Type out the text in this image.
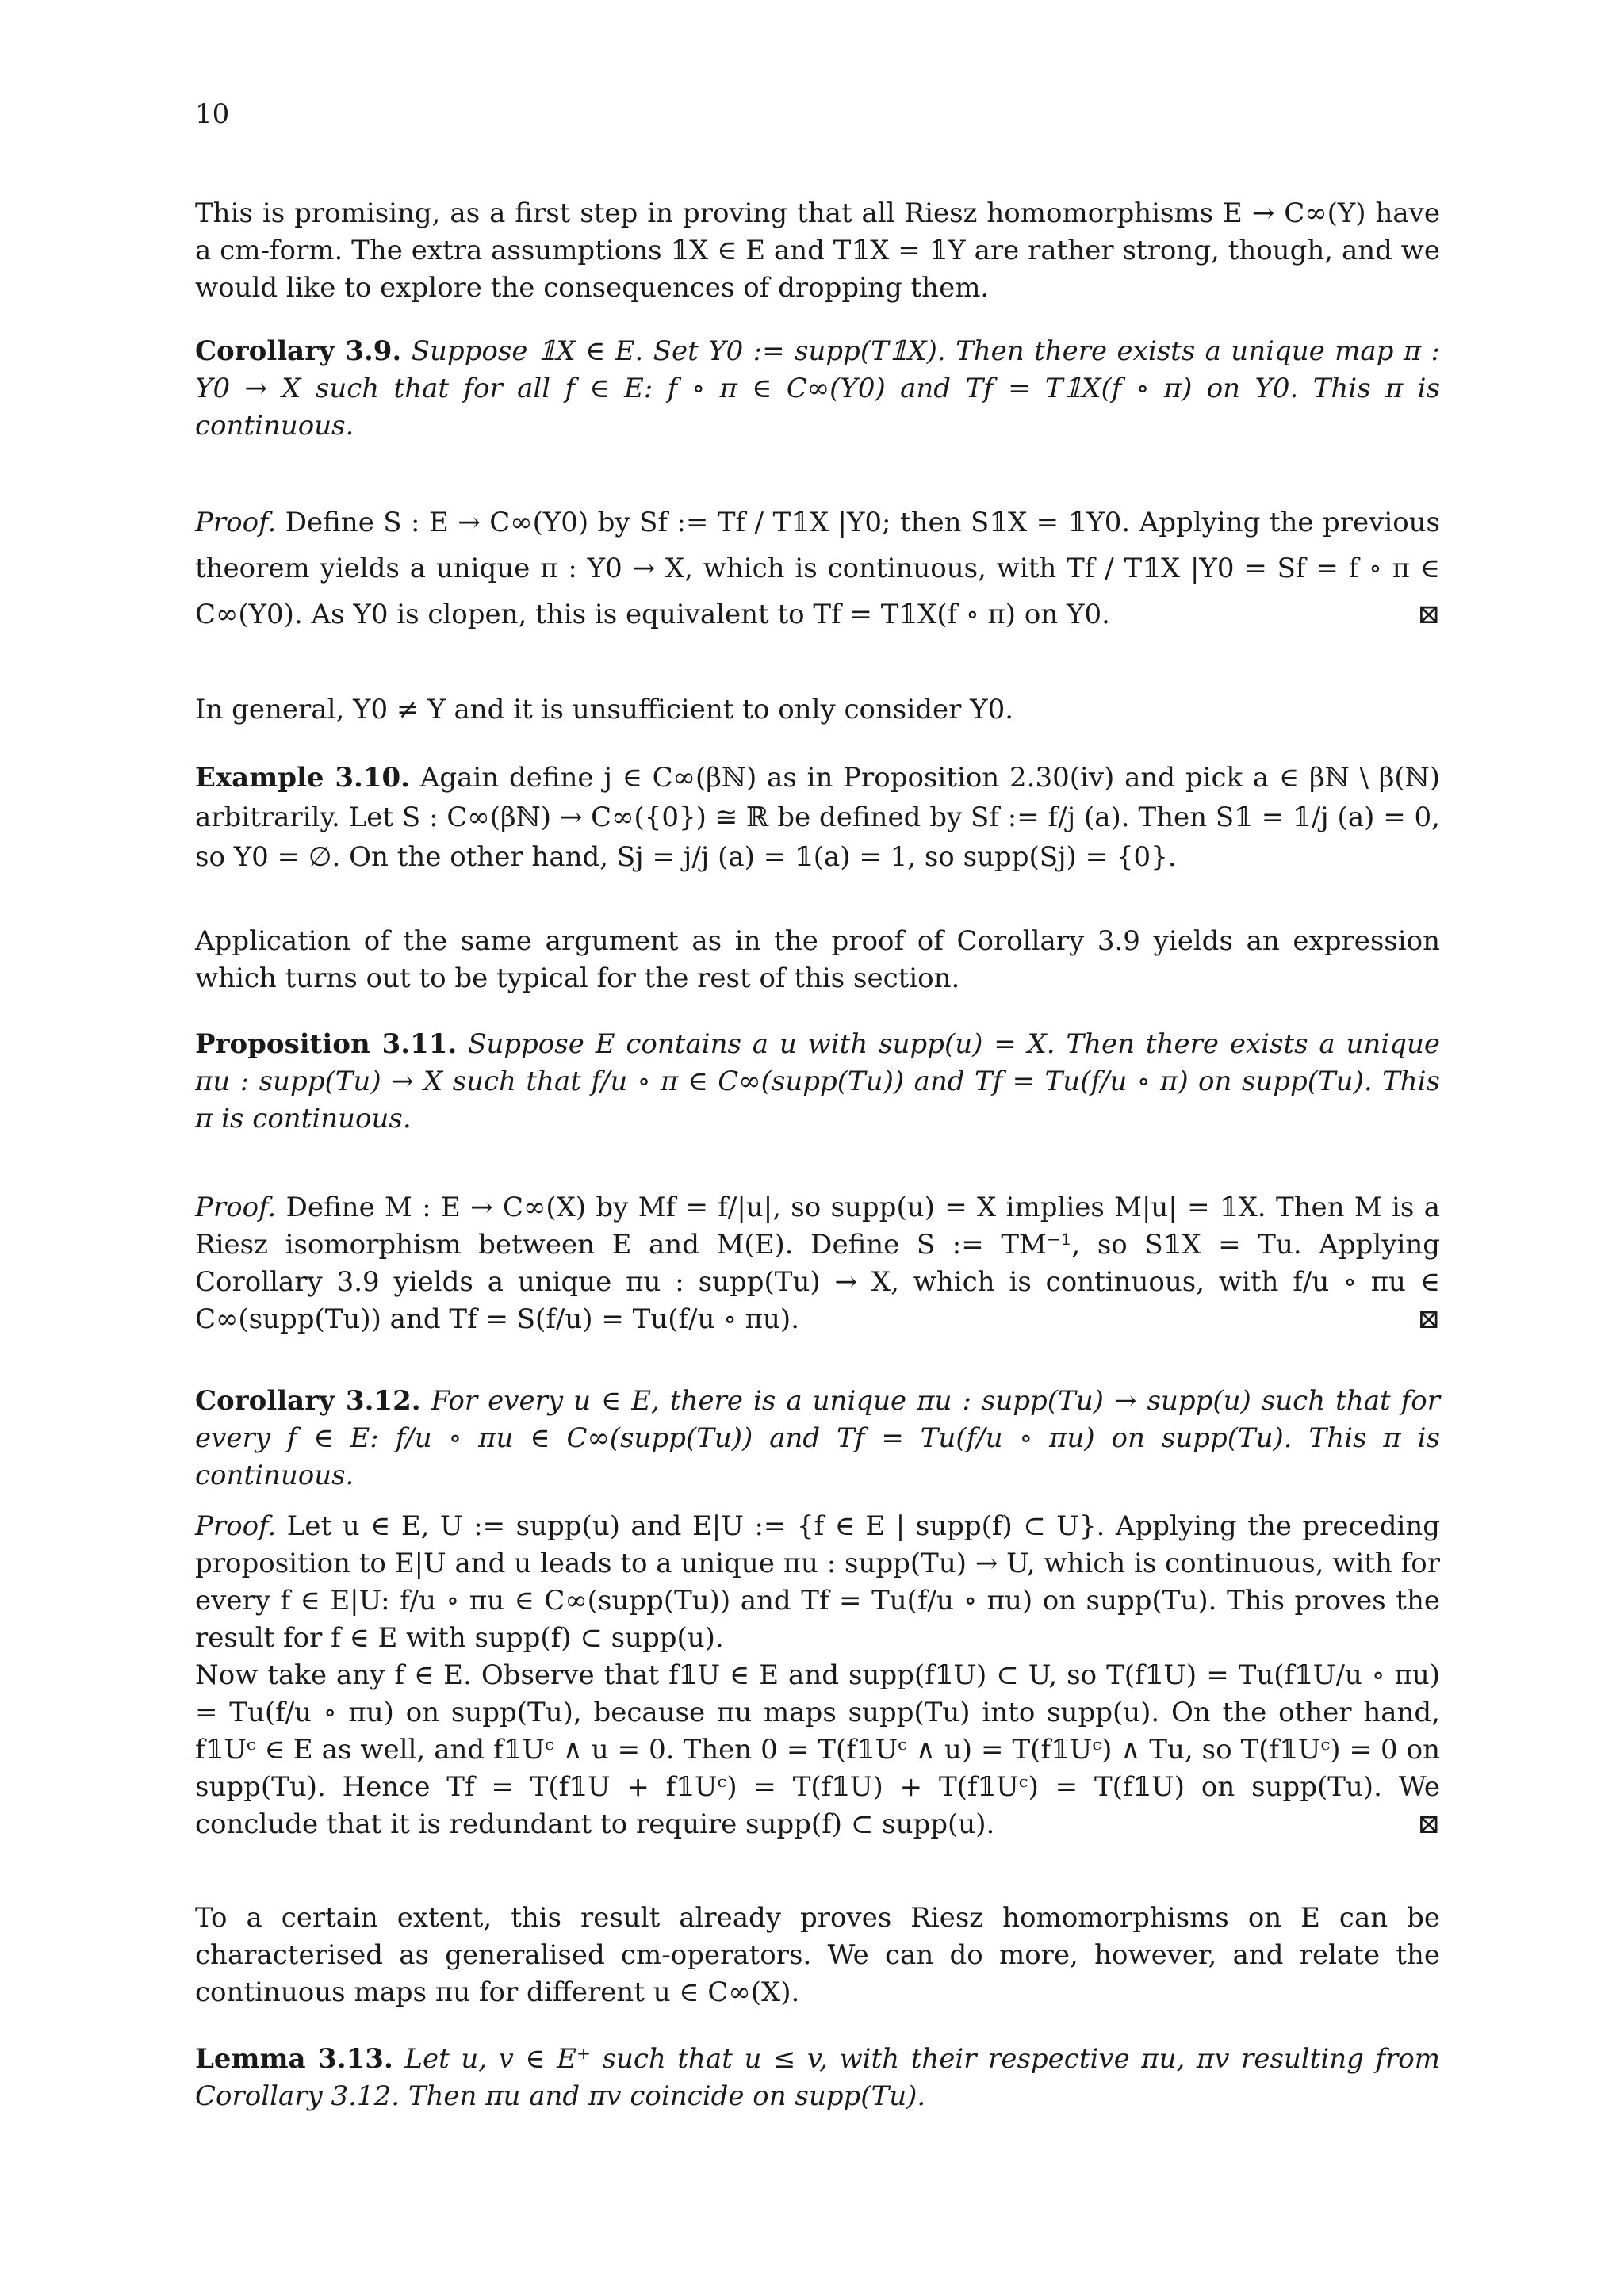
10
This is promising, as a first step in proving that all Riesz homomorphisms E → C∞(Y) have a cm-form. The extra assumptions 𝟙X ∈ E and T𝟙X = 𝟙Y are rather strong, though, and we would like to explore the consequences of dropping them.
Corollary 3.9. Suppose 𝟙X ∈ E. Set Y0 := supp(T𝟙X). Then there exists a unique map π : Y0 → X such that for all f ∈ E: f ∘ π ∈ C∞(Y0) and Tf = T𝟙X(f ∘ π) on Y0. This π is continuous.
Proof. Define S : E → C∞(Y0) by Sf := Tf / T𝟙X |Y0; then S𝟙X = 𝟙Y0. Applying the previous theorem yields a unique π : Y0 → X, which is continuous, with Tf / T𝟙X |Y0 = Sf = f ∘ π ∈ C∞(Y0). As Y0 is clopen, this is equivalent to Tf = T𝟙X(f ∘ π) on Y0.	⊠
In general, Y0 ≠ Y and it is unsufficient to only consider Y0.
Example 3.10. Again define j ∈ C∞(βℕ) as in Proposition 2.30(iv) and pick a ∈ βℕ \ β(ℕ) arbitrarily. Let S : C∞(βℕ) → C∞({0}) ≅ ℝ be defined by Sf := f/j (a). Then S𝟙 = 𝟙/j (a) = 0, so Y0 = ∅. On the other hand, Sj = j/j (a) = 𝟙(a) = 1, so supp(Sj) = {0}.
Application of the same argument as in the proof of Corollary 3.9 yields an expression which turns out to be typical for the rest of this section.
Proposition 3.11. Suppose E contains a u with supp(u) = X. Then there exists a unique πu : supp(Tu) → X such that f/u ∘ π ∈ C∞(supp(Tu)) and Tf = Tu(f/u ∘ π) on supp(Tu). This π is continuous.
Proof. Define M : E → C∞(X) by Mf = f/|u|, so supp(u) = X implies M|u| = 𝟙X. Then M is a Riesz isomorphism between E and M(E). Define S := TM⁻¹, so S𝟙X = Tu. Applying Corollary 3.9 yields a unique πu : supp(Tu) → X, which is continuous, with f/u ∘ πu ∈ C∞(supp(Tu)) and Tf = S(f/u) = Tu(f/u ∘ πu).	⊠
Corollary 3.12. For every u ∈ E, there is a unique πu : supp(Tu) → supp(u) such that for every f ∈ E: f/u ∘ πu ∈ C∞(supp(Tu)) and Tf = Tu(f/u ∘ πu) on supp(Tu). This π is continuous.
Proof. Let u ∈ E, U := supp(u) and E|U := {f ∈ E | supp(f) ⊂ U}. Applying the preceding proposition to E|U and u leads to a unique πu : supp(Tu) → U, which is continuous, with for every f ∈ E|U: f/u ∘ πu ∈ C∞(supp(Tu)) and Tf = Tu(f/u ∘ πu) on supp(Tu). This proves the result for f ∈ E with supp(f) ⊂ supp(u).
Now take any f ∈ E. Observe that f𝟙U ∈ E and supp(f𝟙U) ⊂ U, so T(f𝟙U) = Tu(f𝟙U/u ∘ πu) = Tu(f/u ∘ πu) on supp(Tu), because πu maps supp(Tu) into supp(u). On the other hand, f𝟙Uᶜ ∈ E as well, and f𝟙Uᶜ ∧ u = 0. Then 0 = T(f𝟙Uᶜ ∧ u) = T(f𝟙Uᶜ) ∧ Tu, so T(f𝟙Uᶜ) = 0 on supp(Tu). Hence Tf = T(f𝟙U + f𝟙Uᶜ) = T(f𝟙U) + T(f𝟙Uᶜ) = T(f𝟙U) on supp(Tu). We conclude that it is redundant to require supp(f) ⊂ supp(u).	⊠
To a certain extent, this result already proves Riesz homomorphisms on E can be characterised as generalised cm-operators. We can do more, however, and relate the continuous maps πu for different u ∈ C∞(X).
Lemma 3.13. Let u, v ∈ E⁺ such that u ≤ v, with their respective πu, πv resulting from Corollary 3.12. Then πu and πv coincide on supp(Tu).
